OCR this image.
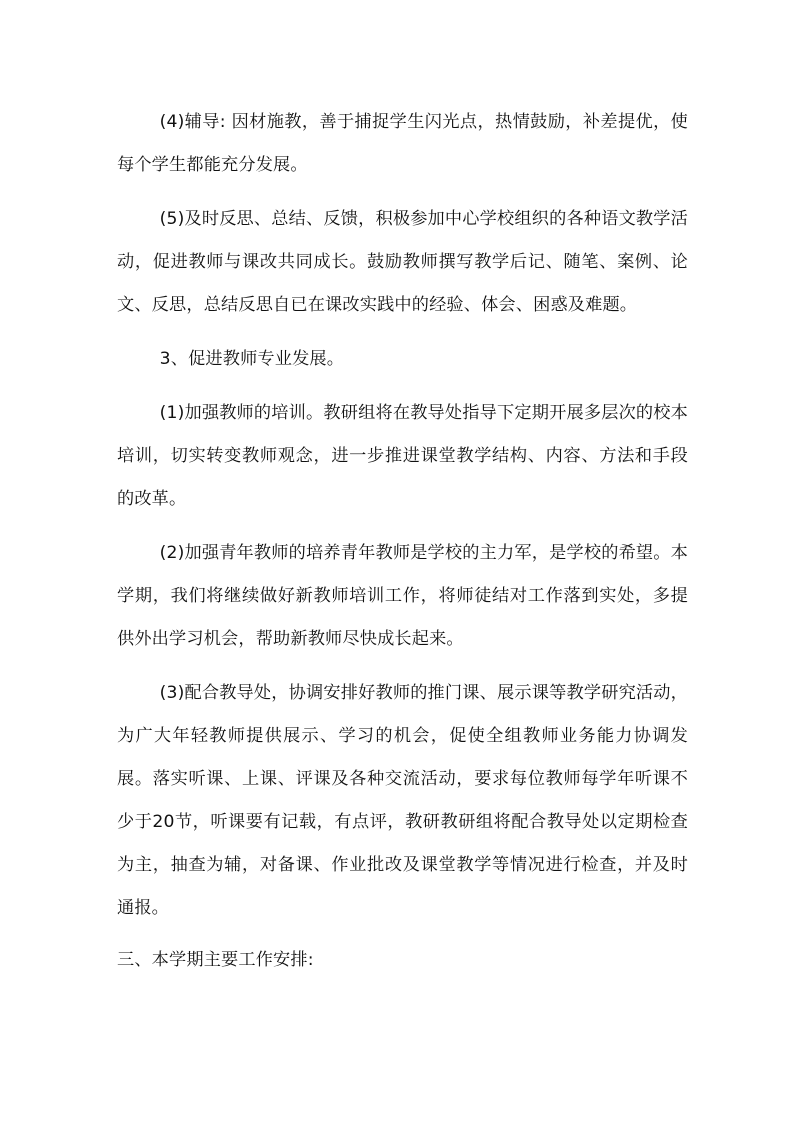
(4)辅导: 因材施教，善于捕捉学生闪光点，热情鼓励，补差提优，使每个学生都能充分发展。

(5)及时反思、总结、反馈，积极参加中心学校组织的各种语文教学活动，促进教师与课改共同成长。鼓励教师撰写教学后记、随笔、案例、论文、反思，总结反思自已在课改实践中的经验、体会、困惑及难题。

3、促进教师专业发展。

(1)加强教师的培训。教研组将在教导处指导下定期开展多层次的校本培训，切实转变教师观念，进一步推进课堂教学结构、内容、方法和手段的改革。

(2)加强青年教师的培养青年教师是学校的主力军，是学校的希望。本学期，我们将继续做好新教师培训工作，将师徒结对工作落到实处，多提供外出学习机会，帮助新教师尽快成长起来。

(3)配合教导处，协调安排好教师的推门课、展示课等教学研究活动，为广大年轻教师提供展示、学习的机会，促使全组教师业务能力协调发展。落实听课、上课、评课及各种交流活动，要求每位教师每学年听课不少于20节，听课要有记载，有点评，教研教研组将配合教导处以定期检查为主，抽查为辅，对备课、作业批改及课堂教学等情况进行检查，并及时通报。

三、本学期主要工作安排:
